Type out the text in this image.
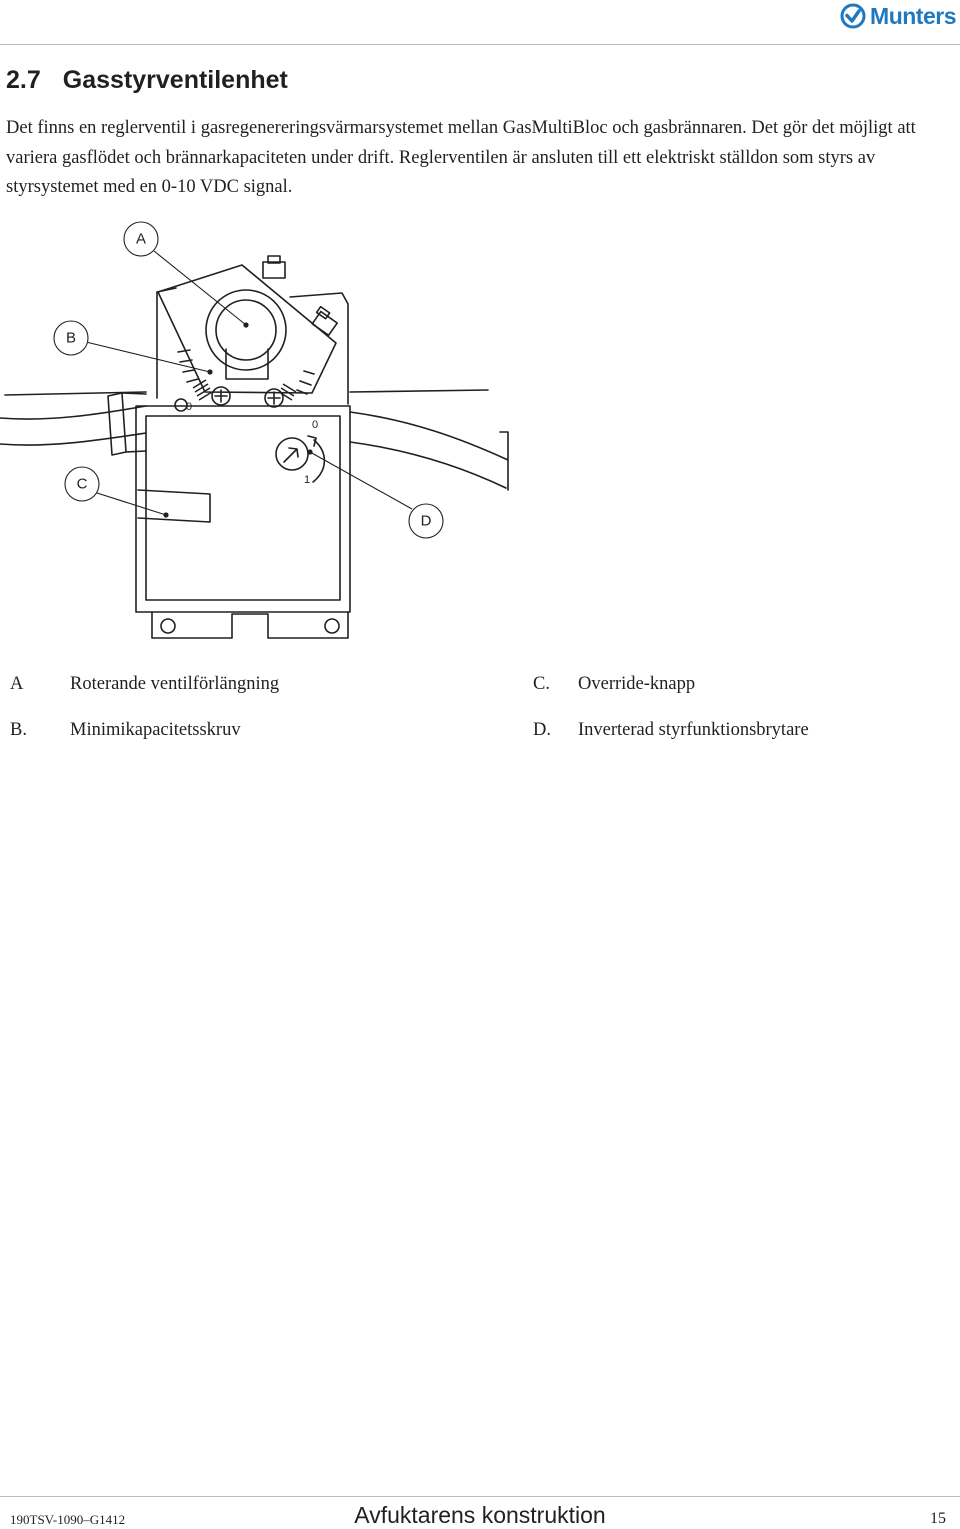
Munters
2.7 Gasstyrventilenhet

Det finns en reglerventil i gasregenereringsvärmarsystemet mellan GasMultiBloc och gasbrännaren. Det gör det möjligt att variera gasflödet och brännarkapaciteten under drift. Reglerventilen är ansluten till ett elektriskt ställdon som styrs av styrsystemet med en 0-10 VDC signal.

A
B
C
D
0
0
1
A	Roterande ventilförlängning
B.	Minimikapacitetsskruv
C.	Override-knapp
D.	Inverterad styrfunktionsbrytare
190TSV-1090–G1412	Avfuktarens konstruktion	15
